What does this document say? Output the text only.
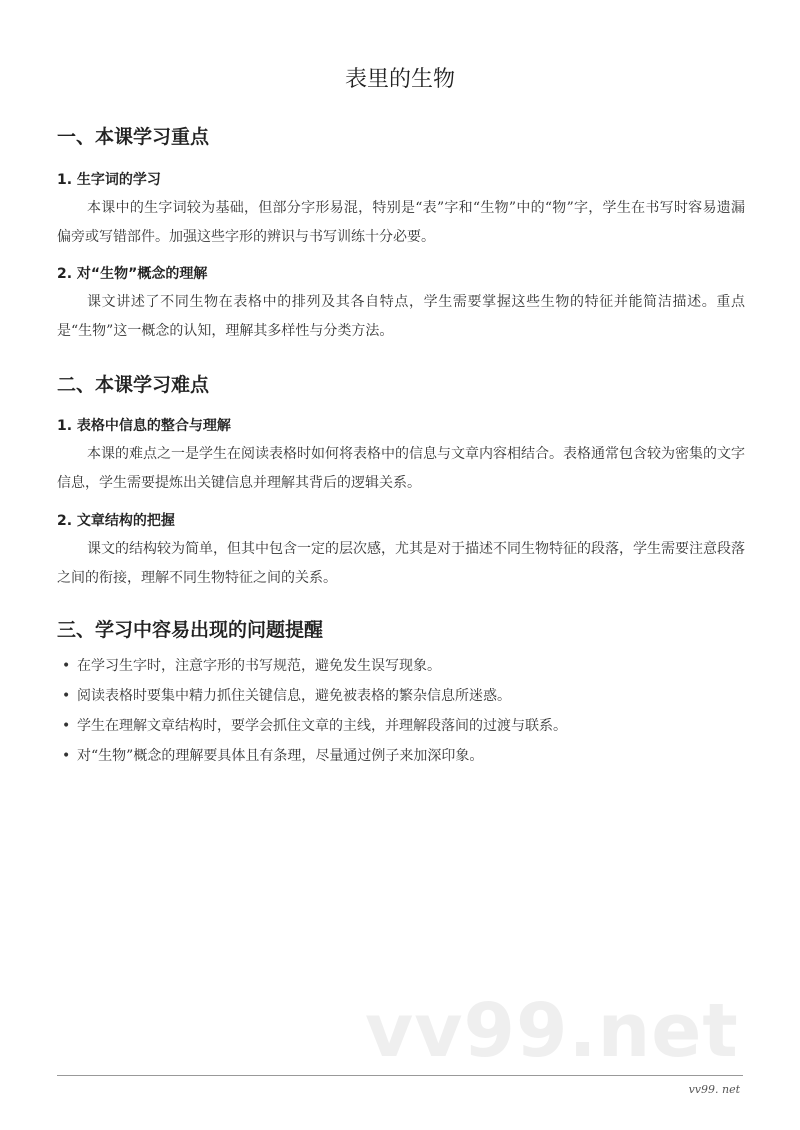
表里的生物
一、本课学习重点
1. 生字词的学习
本课中的生字词较为基础，但部分字形易混，特别是“表”字和“生物”中的“物”字，学生在书写时容易遗漏偏旁或写错部件。加强这些字形的辨识与书写训练十分必要。
2. 对“生物”概念的理解
课文讲述了不同生物在表格中的排列及其各自特点，学生需要掌握这些生物的特征并能简洁描述。重点是“生物”这一概念的认知，理解其多样性与分类方法。
二、本课学习难点
1. 表格中信息的整合与理解
本课的难点之一是学生在阅读表格时如何将表格中的信息与文章内容相结合。表格通常包含较为密集的文字信息，学生需要提炼出关键信息并理解其背后的逻辑关系。
2. 文章结构的把握
课文的结构较为简单，但其中包含一定的层次感，尤其是对于描述不同生物特征的段落，学生需要注意段落之间的衔接，理解不同生物特征之间的关系。
三、学习中容易出现的问题提醒
• 在学习生字时，注意字形的书写规范，避免发生误写现象。
• 阅读表格时要集中精力抓住关键信息，避免被表格的繁杂信息所迷惑。
• 学生在理解文章结构时，要学会抓住文章的主线，并理解段落间的过渡与联系。
• 对“生物”概念的理解要具体且有条理，尽量通过例子来加深印象。
vv99.net
vv99. net
